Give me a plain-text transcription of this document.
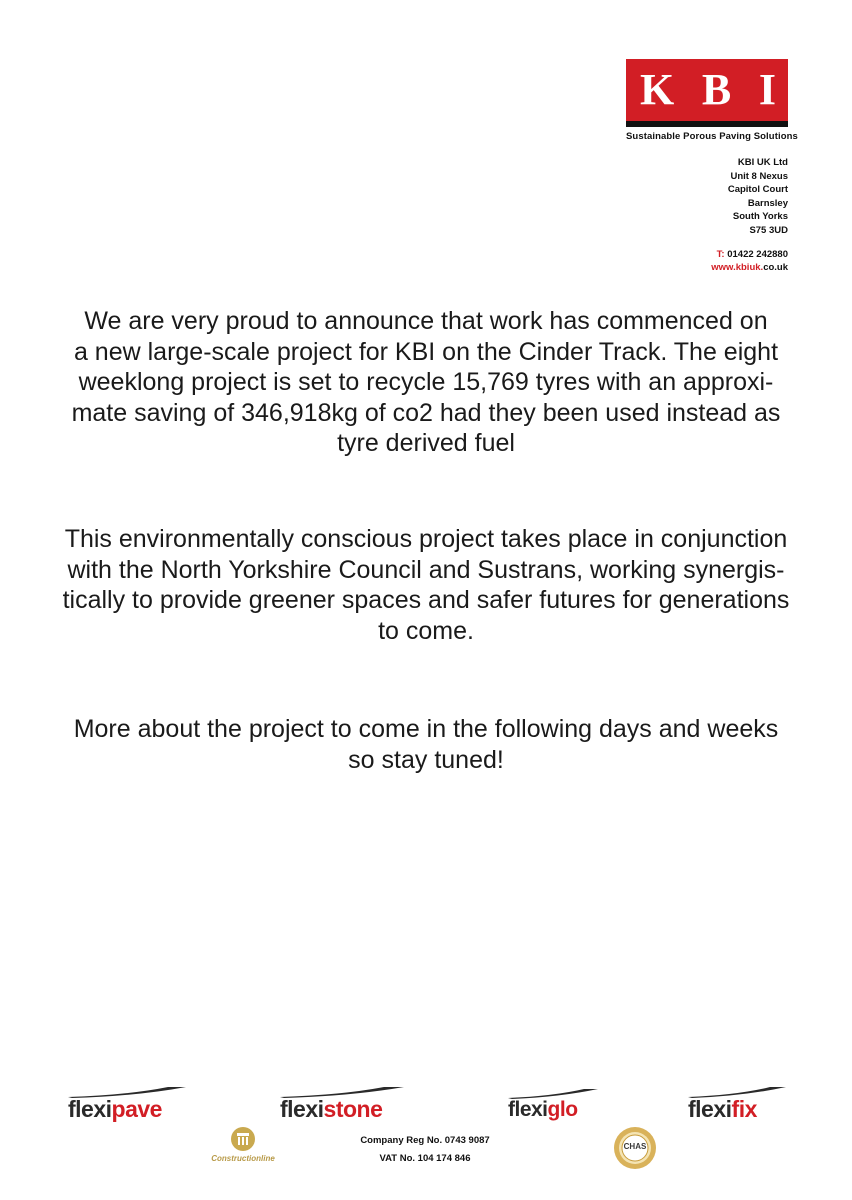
K B I
Sustainable Porous Paving Solutions
KBI UK Ltd
Unit 8 Nexus
Capitol Court
Barnsley
South Yorks
S75 3UD
T: 01422 242880
www.kbiuk.co.uk
We are very proud to announce that work has commenced on
a new large-scale project for KBI on the Cinder Track. The eight
weeklong project is set to recycle 15,769 tyres with an approxi-
mate saving of 346,918kg of co2 had they been used instead as
tyre derived fuel
This environmentally conscious project takes place in conjunction
with the North Yorkshire Council and Sustrans, working synergis-
tically to provide greener spaces and safer futures for generations
to come.
More about the project to come in the following days and weeks
so stay tuned!
flexipave	flexistone	flexiglo	flexifix
Constructionline
Company Reg No. 0743 9087
VAT No. 104 174 846
CHAS
